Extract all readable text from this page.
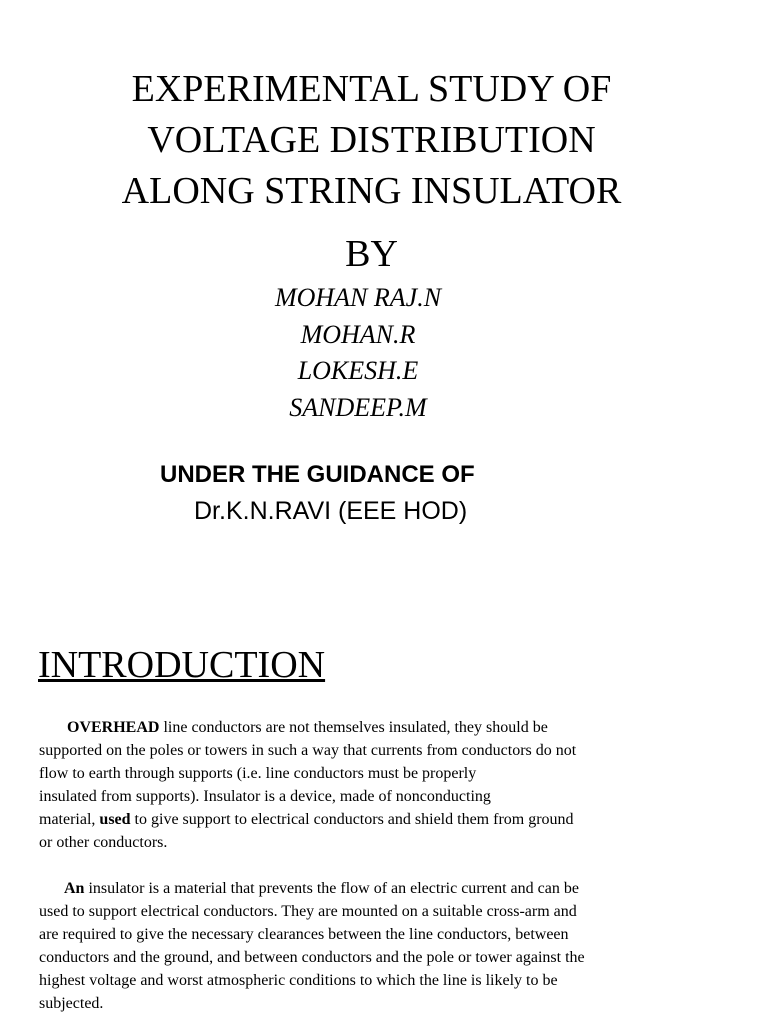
EXPERIMENTAL STUDY OF
VOLTAGE DISTRIBUTION
ALONG STRING INSULATOR
BY
MOHAN RAJ.N
MOHAN.R
LOKESH.E
SANDEEP.M
UNDER THE GUIDANCE OF
Dr.K.N.RAVI (EEE HOD)
INTRODUCTION
OVERHEAD line conductors are not themselves insulated, they should be
supported on the poles or towers in such a way that currents from conductors do not
flow to earth through supports (i.e. line conductors must be properly
insulated from supports). Insulator is a device, made of nonconducting
material, used to give support to electrical conductors and shield them from ground
or other conductors.
An insulator is a material that prevents the flow of an electric current and can be
used to support electrical conductors. They are mounted on a suitable cross-arm and
are required to give the necessary clearances between the line conductors, between
conductors and the ground, and between conductors and the pole or tower against the
highest voltage and worst atmospheric conditions to which the line is likely to be
subjected.
